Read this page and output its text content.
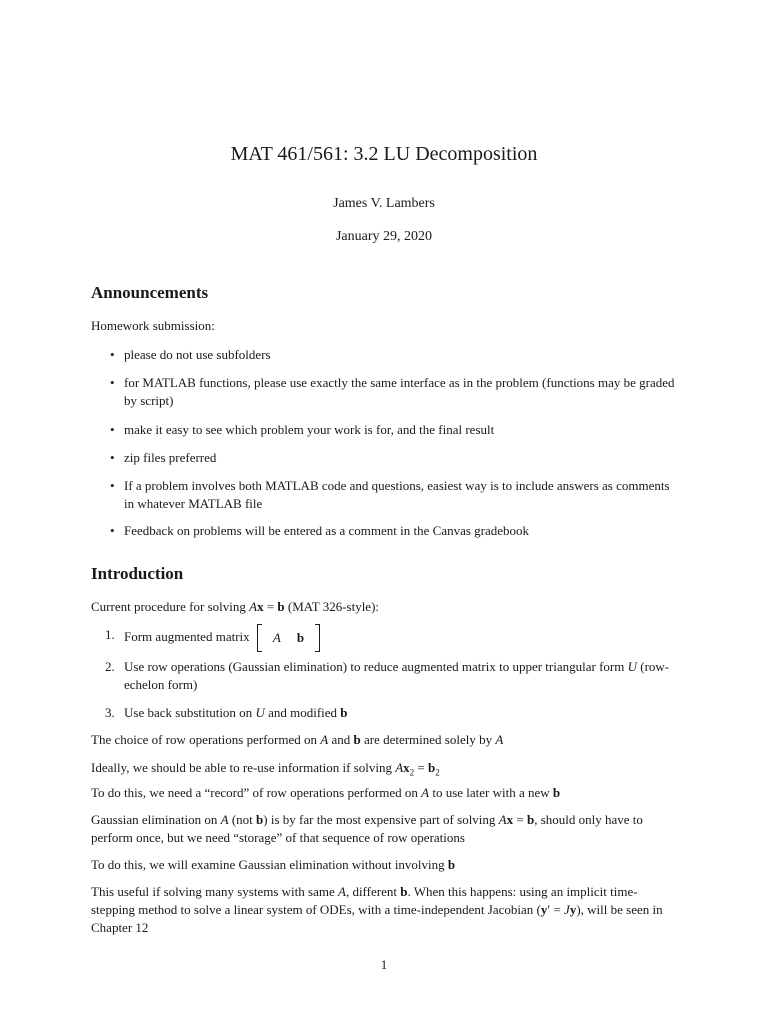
MAT 461/561: 3.2 LU Decomposition
James V. Lambers
January 29, 2020
Announcements
Homework submission:
• please do not use subfolders
• for MATLAB functions, please use exactly the same interface as in the problem (functions may be graded by script)
• make it easy to see which problem your work is for, and the final result
• zip files preferred
• If a problem involves both MATLAB code and questions, easiest way is to include answers as comments in whatever MATLAB file
• Feedback on problems will be entered as a comment in the Canvas gradebook
Introduction
Current procedure for solving Ax = b (MAT 326-style):
1. Form augmented matrix A b
2. Use row operations (Gaussian elimination) to reduce augmented matrix to upper triangular form U (row-echelon form)
3. Use back substitution on U and modified b
The choice of row operations performed on A and b are determined solely by A
Ideally, we should be able to re-use information if solving $Ax_2 = b_2$
To do this, we need a “record” of row operations performed on A to use later with a new b
Gaussian elimination on A (not b) is by far the most expensive part of solving Ax = b, should only have to perform once, but we need “storage” of that sequence of row operations
To do this, we will examine Gaussian elimination without involving b
This useful if solving many systems with same A, different b. When this happens: using an implicit time-stepping method to solve a linear system of ODEs, with a time-independent Jacobian (y′ = Jy), will be seen in Chapter 12
1
